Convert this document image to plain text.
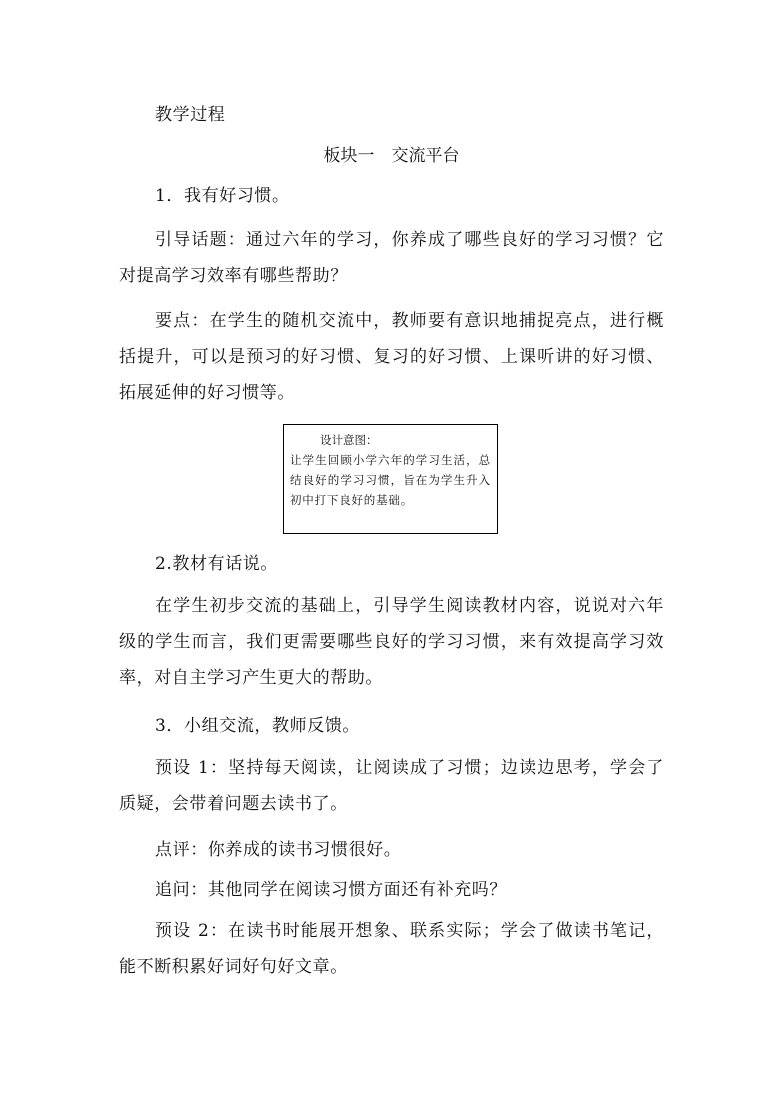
教学过程

板块一　交流平台

1．我有好习惯。

引导话题：通过六年的学习，你养成了哪些良好的学习习惯？它对提高学习效率有哪些帮助？

要点：在学生的随机交流中，教师要有意识地捕捉亮点，进行概括提升，可以是预习的好习惯、复习的好习惯、上课听讲的好习惯、拓展延伸的好习惯等。

设计意图：
让学生回顾小学六年的学习生活，总结良好的学习习惯，旨在为学生升入初中打下良好的基础。

2.教材有话说。

在学生初步交流的基础上，引导学生阅读教材内容，说说对六年级的学生而言，我们更需要哪些良好的学习习惯，来有效提高学习效率，对自主学习产生更大的帮助。

3．小组交流，教师反馈。

预设 1：坚持每天阅读，让阅读成了习惯；边读边思考，学会了质疑，会带着问题去读书了。

点评：你养成的读书习惯很好。

追问：其他同学在阅读习惯方面还有补充吗？

预设 2：在读书时能展开想象、联系实际；学会了做读书笔记，能不断积累好词好句好文章。
